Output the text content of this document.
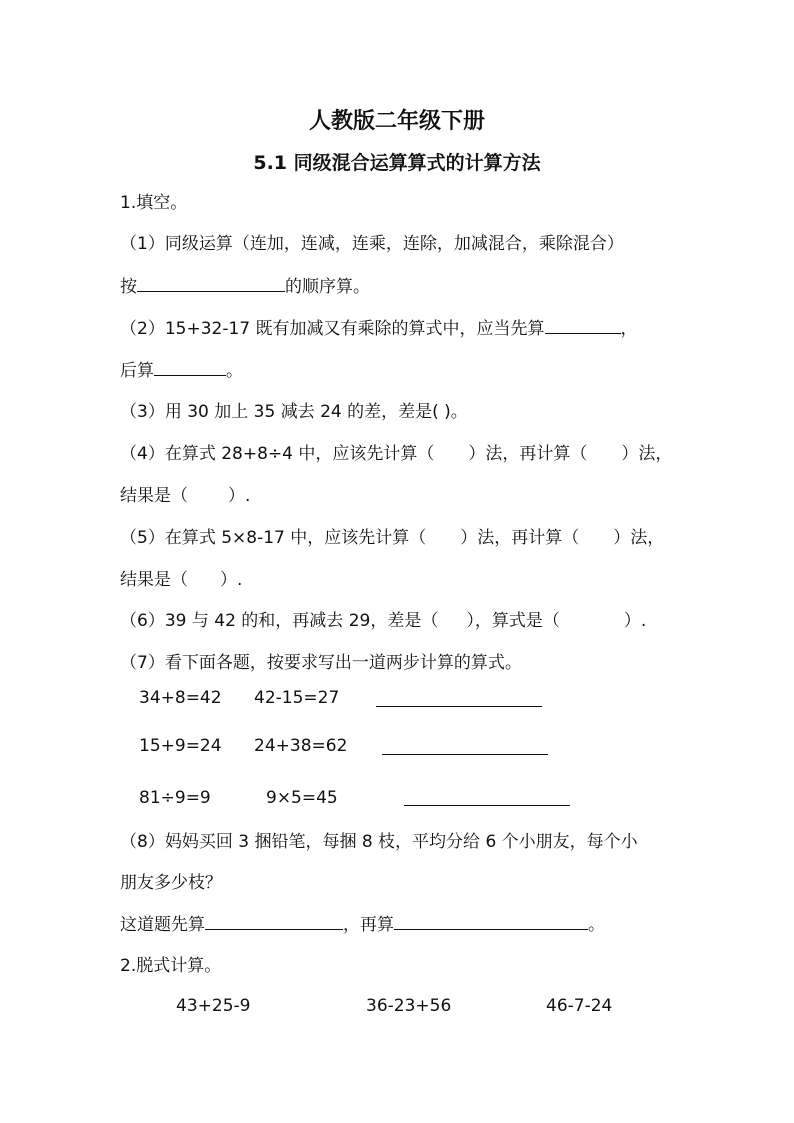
人教版二年级下册
5.1 同级混合运算算式的计算方法
1.填空。
（1）同级运算（连加，连减，连乘，连除，加减混合，乘除混合）
按	的顺序算。
（2）15+32-17 既有加减又有乘除的算式中，应当先算	，
后算	。
（3）用 30 加上 35 减去 24 的差，差是( )。
（4）在算式 28+8÷4 中，应该先计算（ ）法，再计算（ ）法，
结果是（ ）.
（5）在算式 5×8-17 中，应该先计算（ ）法，再计算（ ）法，
结果是（ ）.
（6）39 与 42 的和，再减去 29，差是（ ），算式是（	）.
（7）看下面各题，按要求写出一道两步计算的算式。
34+8=42 42-15=27
15+9=24 24+38=62
81÷9=9	9×5=45
（8）妈妈买回 3 捆铅笔，每捆 8 枝，平均分给 6 个小朋友，每个小
朋友多少枝？
这道题先算	，再算	。
2.脱式计算。
43+25-9	36-23+56	46-7-24
